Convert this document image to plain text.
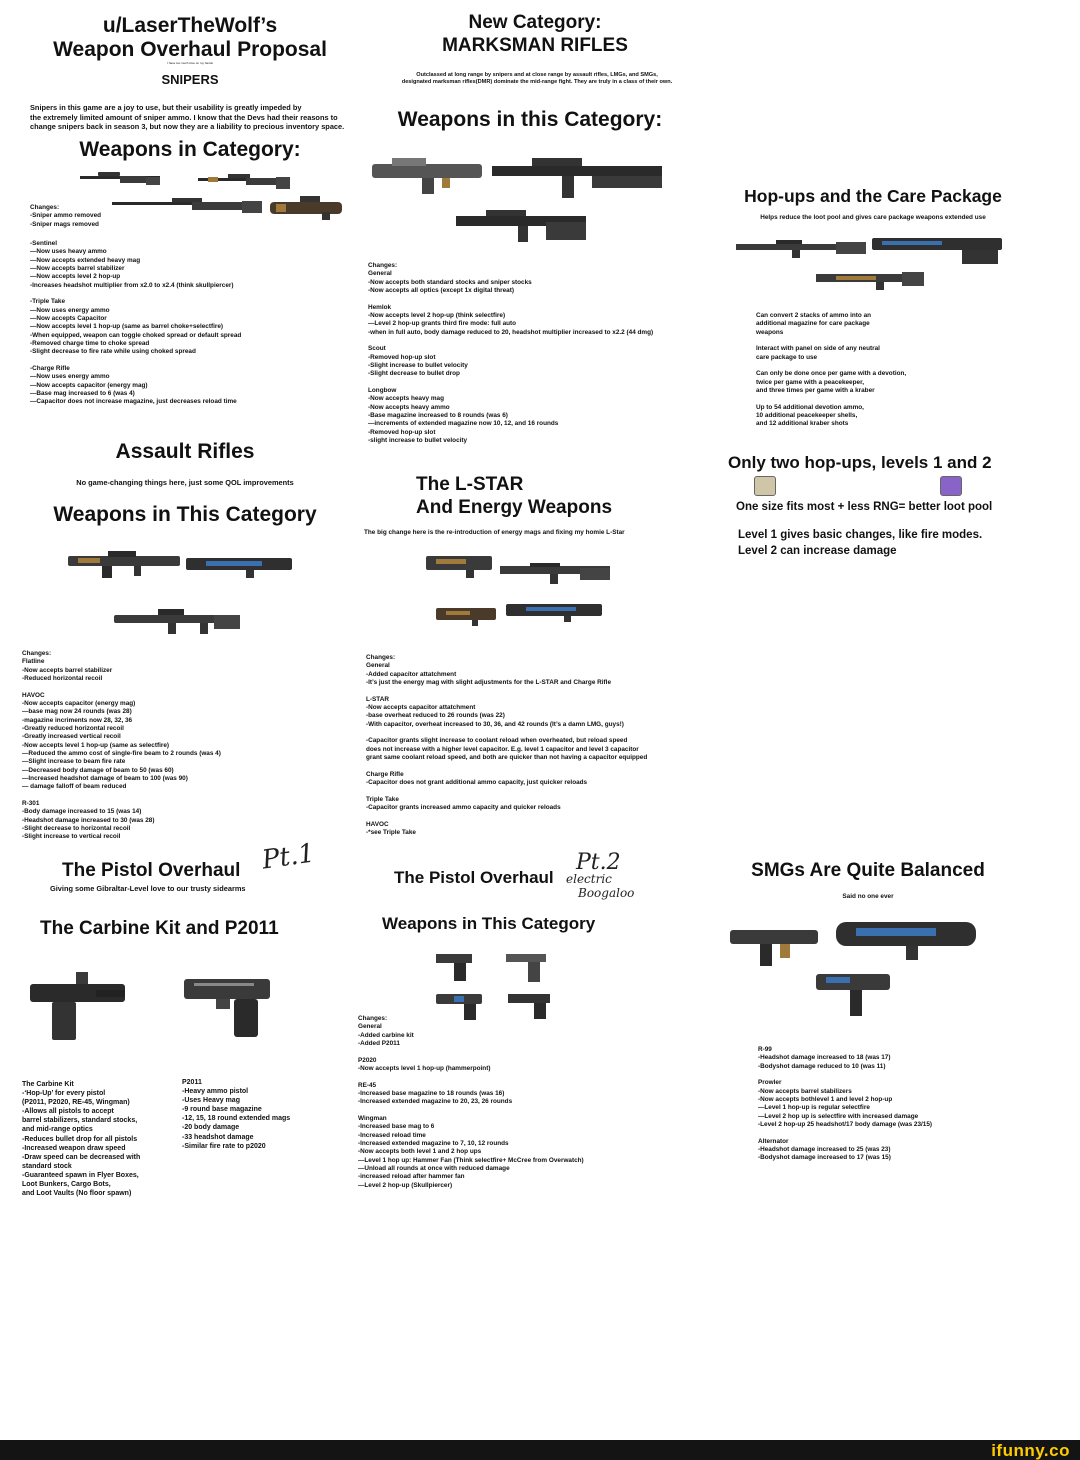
u/LaserTheWolf’s
Weapon Overhaul Proposal
I have too much time on my hands
SNIPERS
Snipers in this game are a joy to use, but their usability is greatly impeded by
the extremely limited amount of sniper ammo. I know that the Devs had their reasons to
change snipers back in season 3, but now they are a liability to precious inventory space.
Weapons in Category:
Changes:
-Sniper ammo removed
-Sniper mags removed
-Sentinel
—Now uses heavy ammo
—Now accepts extended heavy mag
—Now accepts barrel stabilizer
—Now accepts level 2 hop-up
-Increases headshot multiplier from x2.0 to x2.4 (think skullpiercer)

-Triple Take
—Now uses energy ammo
—Now accepts Capacitor
—Now accepts level 1 hop-up (same as barrel choke+selectfire)
-When equipped, weapon can toggle choked spread or default spread
-Removed charge time to choke spread
-Slight decrease to fire rate while using choked spread

-Charge Rifle
—Now uses energy ammo
—Now accepts capacitor (energy mag)
—Base mag increased to 6 (was 4)
—Capacitor does not increase magazine, just decreases reload time
Assault Rifles
No game-changing things here, just some QOL improvements
Weapons in This Category
Changes:
Flatline
-Now accepts barrel stabilizer
-Reduced horizontal recoil

HAVOC
-Now accepts capacitor (energy mag)
—base mag now 24 rounds (was 28)
-magazine incriments now 28, 32, 36
-Greatly reduced horizontal recoil
-Greatly increased vertical recoil
-Now accepts level 1 hop-up (same as selectfire)
—Reduced the ammo cost of single-fire beam to 2 rounds (was 4)
—Slight increase to beam fire rate
—Decreased body damage of beam to 50 (was 60)
—Increased headshot damage of beam to 100 (was 90)
— damage falloff of beam reduced

R-301
-Body damage increased to 15 (was 14)
-Headshot damage increased to 30 (was 28)
-Slight decrease to horizontal recoil
-Slight increase to vertical recoil
The Pistol Overhaul Pt.1
Giving some Gibraltar-Level love to our trusty sidearms
The Carbine Kit and P2011
The Carbine Kit
-‘Hop-Up’ for every pistol
(P2011, P2020, RE-45, Wingman)
-Allows all pistols to accept
barrel stabilizers, standard stocks,
and mid-range optics
-Reduces bullet drop for all pistols
-Increased weapon draw speed
-Draw speed can be decreased with
standard stock
-Guaranteed spawn in Flyer Boxes,
Loot Bunkers, Cargo Bots,
and Loot Vaults (No floor spawn)
P2011
-Heavy ammo pistol
-Uses Heavy mag
-9 round base magazine
-12, 15, 18 round extended mags
-20 body damage
-33 headshot damage
-Similar fire rate to p2020
New Category:
MARKSMAN RIFLES
Outclassed at long range by snipers and at close range by assault rifles, LMGs, and SMGs,
designated marksman rifles(DMR) dominate the mid-range fight. They are truly in a class of their own.
Weapons in this Category:
Changes:
General
-Now accepts both standard stocks and sniper stocks
-Now accepts all optics (except 1x digital threat)

Hemlok
-Now accepts level 2 hop-up (think selectfire)
—Level 2 hop-up grants third fire mode: full auto
-when in full auto, body damage reduced to 20, headshot multiplier increased to x2.2 (44 dmg)

Scout
-Removed hop-up slot
-Slight increase to bullet velocity
-Slight decrease to bullet drop

Longbow
-Now accepts heavy mag
-Now accepts heavy ammo
-Base magazine increased to 8 rounds (was 6)
—increments of extended magazine now 10, 12, and 16 rounds
-Removed hop-up slot
-slight increase to bullet velocity
The L-STAR
And Energy Weapons
The big change here is the re-introduction of energy mags and fixing my homie L-Star
Changes:
General
-Added capacitor attatchment
-It’s just the energy mag with slight adjustments for the L-STAR and Charge Rifle

L-STAR
-Now accepts capacitor attatchment
-base overheat reduced to 26 rounds (was 22)
-With capacitor, overheat increased to 30, 36, and 42 rounds (It’s a damn LMG, guys!)

-Capacitor grants slight increase to coolant reload when overheated, but reload speed
does not increase with a higher level capacitor. E.g. level 1 capacitor and level 3 capacitor
grant same coolant reload speed, and both are quicker than not having a capacitor equipped

Charge Rifle
-Capacitor does not grant additional ammo capacity, just quicker reloads

Triple Take
-Capacitor grants increased ammo capacity and quicker reloads

HAVOC
-*see Triple Take
The Pistol Overhaul
Pt.2
electric
Boogaloo
Weapons in This Category
Changes:
General
-Added carbine kit
-Added P2011

P2020
-Now accepts level 1 hop-up (hammerpoint)

RE-45
-Increased base magazine to 18 rounds (was 16)
-Increased extended magazine to 20, 23, 26 rounds

Wingman
-Increased base mag to 6
-Increased reload time
-Increased extended magazine to 7, 10, 12 rounds
-Now accepts both level 1 and 2 hop ups
—Level 1 hop up: Hammer Fan (Think selectfire+ McCree from Overwatch)
—Unload all rounds at once with reduced damage
-increased reload after hammer fan
—Level 2 hop-up (Skullpiercer)
Hop-ups and the Care Package
Helps reduce the loot pool and gives care package weapons extended use
Can convert 2 stacks of ammo into an
additional magazine for care package
weapons

Interact with panel on side of any neutral
care package to use

Can only be done once per game with a devotion,
twice per game with a peacekeeper,
and three times per game with a kraber

Up to 54 additional devotion ammo,
10 additional peacekeeper shells,
and 12 additional kraber shots
Only two hop-ups, levels 1 and 2
One size fits most + less RNG= better loot pool
Level 1 gives basic changes, like fire modes.
Level 2 can increase damage
SMGs Are Quite Balanced
Said no one ever
R-99
-Headshot damage increased to 18 (was 17)
-Bodyshot damage reduced to 10 (was 11)

Prowler
-Now accepts barrel stabilizers
-Now accepts bothlevel 1 and level 2 hop-up
—Level 1 hop-up is regular selectfire
—Level 2 hop up is selectfire with increased damage
-Level 2 hop-up 25 headshot/17 body damage (was 23/15)

Alternator
-Headshot damage increased to 25 (was 23)
-Bodyshot damage increased to 17 (was 15)
ifunny.co
